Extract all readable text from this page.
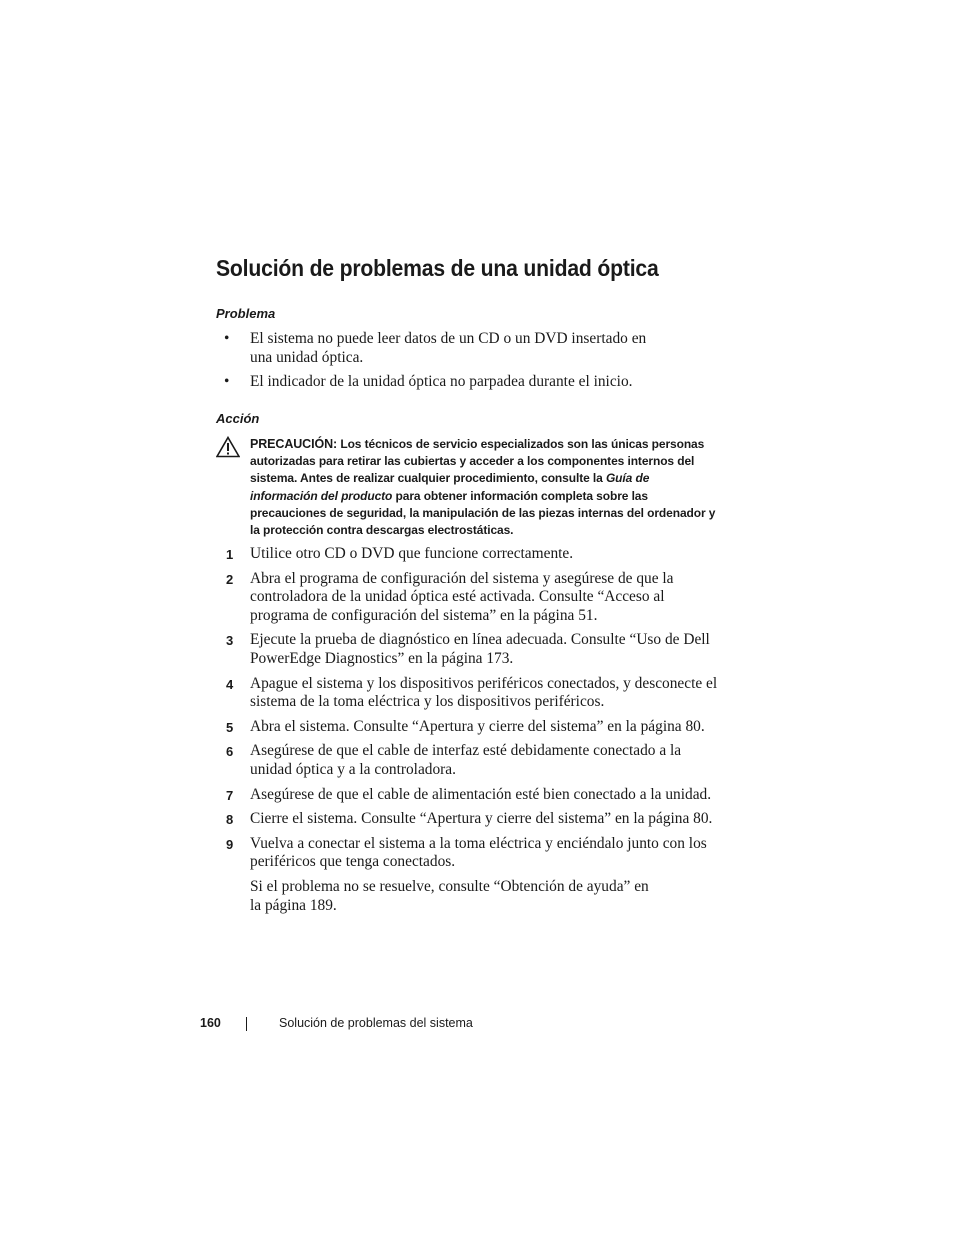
Solución de problemas de una unidad óptica
Problema
• El sistema no puede leer datos de un CD o un DVD insertado en una unidad óptica.
• El indicador de la unidad óptica no parpadea durante el inicio.
Acción
PRECAUCIÓN: Los técnicos de servicio especializados son las únicas personas autorizadas para retirar las cubiertas y acceder a los componentes internos del sistema. Antes de realizar cualquier procedimiento, consulte la Guía de información del producto para obtener información completa sobre las precauciones de seguridad, la manipulación de las piezas internas del ordenador y la protección contra descargas electrostáticas.
1 Utilice otro CD o DVD que funcione correctamente.
2 Abra el programa de configuración del sistema y asegúrese de que la controladora de la unidad óptica esté activada. Consulte “Acceso al programa de configuración del sistema” en la página 51.
3 Ejecute la prueba de diagnóstico en línea adecuada. Consulte “Uso de Dell PowerEdge Diagnostics” en la página 173.
4 Apague el sistema y los dispositivos periféricos conectados, y desconecte el sistema de la toma eléctrica y los dispositivos periféricos.
5 Abra el sistema. Consulte “Apertura y cierre del sistema” en la página 80.
6 Asegúrese de que el cable de interfaz esté debidamente conectado a la unidad óptica y a la controladora.
7 Asegúrese de que el cable de alimentación esté bien conectado a la unidad.
8 Cierre el sistema. Consulte “Apertura y cierre del sistema” en la página 80.
9 Vuelva a conectar el sistema a la toma eléctrica y enciéndalo junto con los periféricos que tenga conectados.
Si el problema no se resuelve, consulte “Obtención de ayuda” en la página 189.
160	Solución de problemas del sistema
